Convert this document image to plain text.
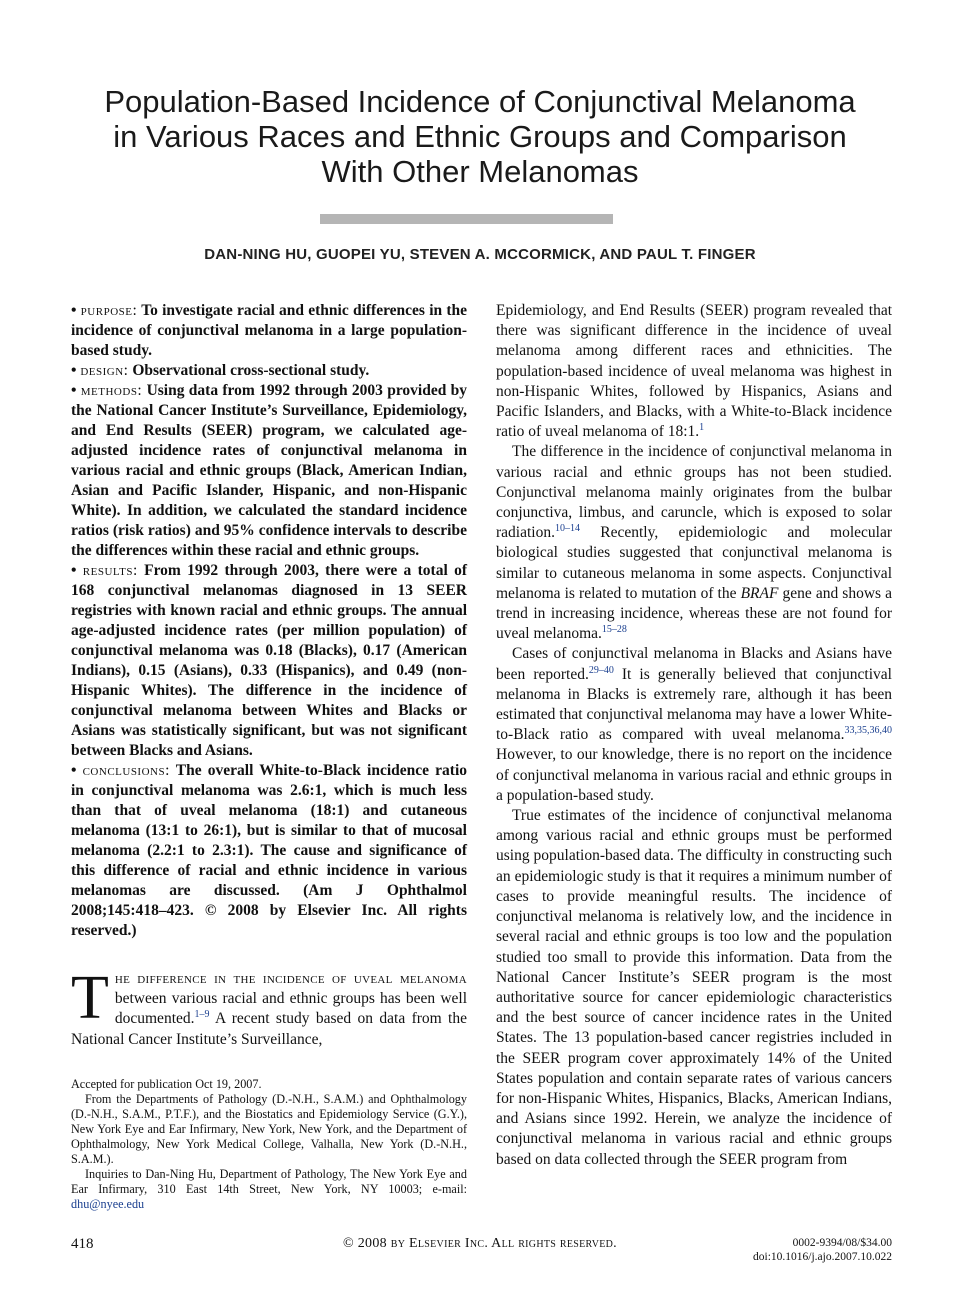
Population-Based Incidence of Conjunctival Melanoma
in Various Races and Ethnic Groups and Comparison
With Other Melanomas
DAN-NING HU, GUOPEI YU, STEVEN A. MCCORMICK, AND PAUL T. FINGER

• purpose: To investigate racial and ethnic differences in the incidence of conjunctival melanoma in a large population-based study.

• design: Observational cross-sectional study.

• methods: Using data from 1992 through 2003 provided by the National Cancer Institute’s Surveillance, Epidemiology, and End Results (SEER) program, we calculated age-adjusted incidence rates of conjunctival melanoma in various racial and ethnic groups (Black, American Indian, Asian and Pacific Islander, Hispanic, and non-Hispanic White). In addition, we calculated the standard incidence ratios (risk ratios) and 95% confidence intervals to describe the differences within these racial and ethnic groups.

• results: From 1992 through 2003, there were a total of 168 conjunctival melanomas diagnosed in 13 SEER registries with known racial and ethnic groups. The annual age-adjusted incidence rates (per million population) of conjunctival melanoma was 0.18 (Blacks), 0.17 (American Indians), 0.15 (Asians), 0.33 (Hispanics), and 0.49 (non-Hispanic Whites). The difference in the incidence of conjunctival melanoma between Whites and Blacks or Asians was statistically significant, but was not significant between Blacks and Asians.

• conclusions: The overall White-to-Black incidence ratio in conjunctival melanoma was 2.6:1, which is much less than that of uveal melanoma (18:1) and cutaneous melanoma (13:1 to 26:1), but is similar to that of mucosal melanoma (2.2:1 to 2.3:1). The cause and significance of this difference of racial and ethnic incidence in various melanomas are discussed. (Am J Ophthalmol 2008;145:418–423. © 2008 by Elsevier Inc. All rights reserved.)

The difference in the incidence of uveal melanoma between various racial and ethnic groups has been well documented.$^{1-9}$ A recent study based on data from the National Cancer Institute’s Surveillance,

Accepted for publication Oct 19, 2007.

From the Departments of Pathology (D.-N.H., S.A.M.) and Ophthalmology (D.-N.H., S.A.M., P.T.F.), and the Biostatics and Epidemiology Service (G.Y.), New York Eye and Ear Infirmary, New York, New York, and the Department of Ophthalmology, New York Medical College, Valhalla, New York (D.-N.H., S.A.M.).

Inquiries to Dan-Ning Hu, Department of Pathology, The New York Eye and Ear Infirmary, 310 East 14th Street, New York, NY 10003; e-mail: dhu@nyee.edu

Epidemiology, and End Results (SEER) program revealed that there was significant difference in the incidence of uveal melanoma among different races and ethnicities. The population-based incidence of uveal melanoma was highest in non-Hispanic Whites, followed by Hispanics, Asians and Pacific Islanders, and Blacks, with a White-to-Black incidence ratio of uveal melanoma of 18:1.$^1$

The difference in the incidence of conjunctival melanoma in various racial and ethnic groups has not been studied. Conjunctival melanoma mainly originates from the bulbar conjunctiva, limbus, and caruncle, which is exposed to solar radiation.$^{10-14}$ Recently, epidemiologic and molecular biological studies suggested that conjunctival melanoma is similar to cutaneous melanoma in some aspects. Conjunctival melanoma is related to mutation of the BRAF gene and shows a trend in increasing incidence, whereas these are not found for uveal melanoma.$^{15-28}$

Cases of conjunctival melanoma in Blacks and Asians have been reported.$^{29-40}$ It is generally believed that conjunctival melanoma in Blacks is extremely rare, although it has been estimated that conjunctival melanoma may have a lower White-to-Black ratio as compared with uveal melanoma.$^{33,35,36,40}$ However, to our knowledge, there is no report on the incidence of conjunctival melanoma in various racial and ethnic groups in a population-based study.

True estimates of the incidence of conjunctival melanoma among various racial and ethnic groups must be performed using population-based data. The difficulty in constructing such an epidemiologic study is that it requires a minimum number of cases to provide meaningful results. The incidence of conjunctival melanoma is relatively low, and the incidence in several racial and ethnic groups is too low and the population studied too small to provide this information. Data from the National Cancer Institute’s SEER program is the most authoritative source for cancer epidemiologic characteristics and the best source of cancer incidence rates in the United States. The 13 population-based cancer registries included in the SEER program cover approximately 14% of the United States population and contain separate rates of various cancers for non-Hispanic Whites, Hispanics, Blacks, American Indians, and Asians since 1992. Herein, we analyze the incidence of conjunctival melanoma in various racial and ethnic groups based on data collected through the SEER program from

418	© 2008 by Elsevier Inc. All rights reserved.	0002-9394/08/$34.00
doi:10.1016/j.ajo.2007.10.022
